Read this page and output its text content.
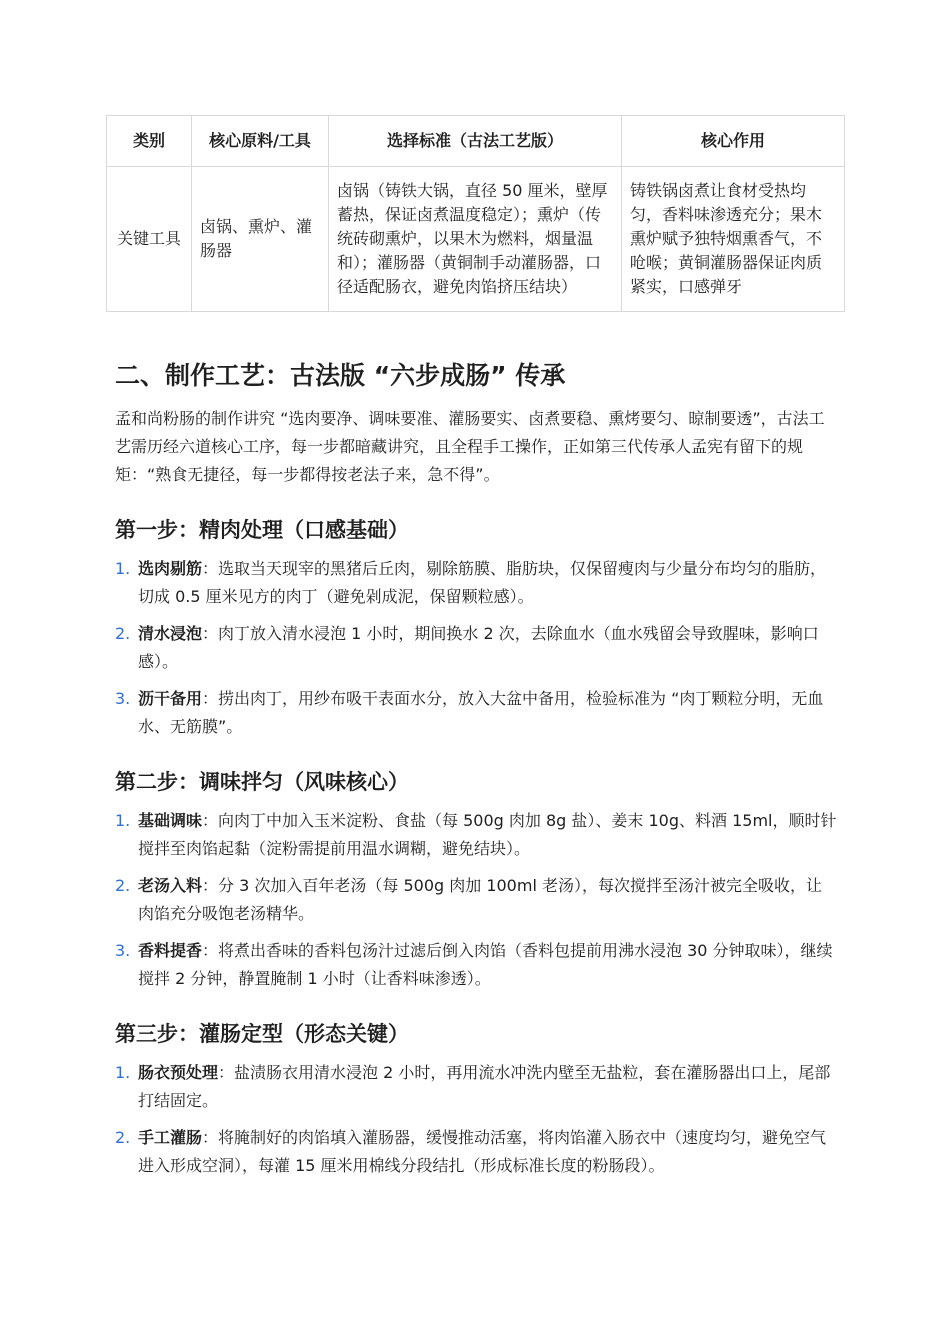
类别	核心原料/工具	选择标准（古法工艺版）	核心作用
关键工具	卤锅、熏炉、灌肠器	卤锅（铸铁大锅，直径 50 厘米，壁厚蓄热，保证卤煮温度稳定）；熏炉（传统砖砌熏炉，以果木为燃料，烟量温和）；灌肠器（黄铜制手动灌肠器，口径适配肠衣，避免肉馅挤压结块）	铸铁锅卤煮让食材受热均匀，香料味渗透充分；果木熏炉赋予独特烟熏香气，不呛喉；黄铜灌肠器保证肉质紧实，口感弹牙
二、制作工艺：古法版 “六步成肠” 传承

孟和尚粉肠的制作讲究 “选肉要净、调味要准、灌肠要实、卤煮要稳、熏烤要匀、晾制要透”，古法工艺需历经六道核心工序，每一步都暗藏讲究，且全程手工操作，正如第三代传承人孟宪有留下的规矩：“熟食无捷径，每一步都得按老法子来，急不得”。

第一步：精肉处理（口感基础）
1. 选肉剔筋：选取当天现宰的黑猪后丘肉，剔除筋膜、脂肪块，仅保留瘦肉与少量分布均匀的脂肪，切成 0.5 厘米见方的肉丁（避免剁成泥，保留颗粒感）。
2. 清水浸泡：肉丁放入清水浸泡 1 小时，期间换水 2 次，去除血水（血水残留会导致腥味，影响口感）。
3. 沥干备用：捞出肉丁，用纱布吸干表面水分，放入大盆中备用，检验标准为 “肉丁颗粒分明，无血水、无筋膜”。
第二步：调味拌匀（风味核心）
1. 基础调味：向肉丁中加入玉米淀粉、食盐（每 500g 肉加 8g 盐）、姜末 10g、料酒 15ml，顺时针搅拌至肉馅起黏（淀粉需提前用温水调糊，避免结块）。
2. 老汤入料：分 3 次加入百年老汤（每 500g 肉加 100ml 老汤），每次搅拌至汤汁被完全吸收，让肉馅充分吸饱老汤精华。
3. 香料提香：将煮出香味的香料包汤汁过滤后倒入肉馅（香料包提前用沸水浸泡 30 分钟取味），继续搅拌 2 分钟，静置腌制 1 小时（让香料味渗透）。
第三步：灌肠定型（形态关键）
1. 肠衣预处理：盐渍肠衣用清水浸泡 2 小时，再用流水冲洗内壁至无盐粒，套在灌肠器出口上，尾部打结固定。
2. 手工灌肠：将腌制好的肉馅填入灌肠器，缓慢推动活塞，将肉馅灌入肠衣中（速度均匀，避免空气进入形成空洞），每灌 15 厘米用棉线分段结扎（形成标准长度的粉肠段）。
